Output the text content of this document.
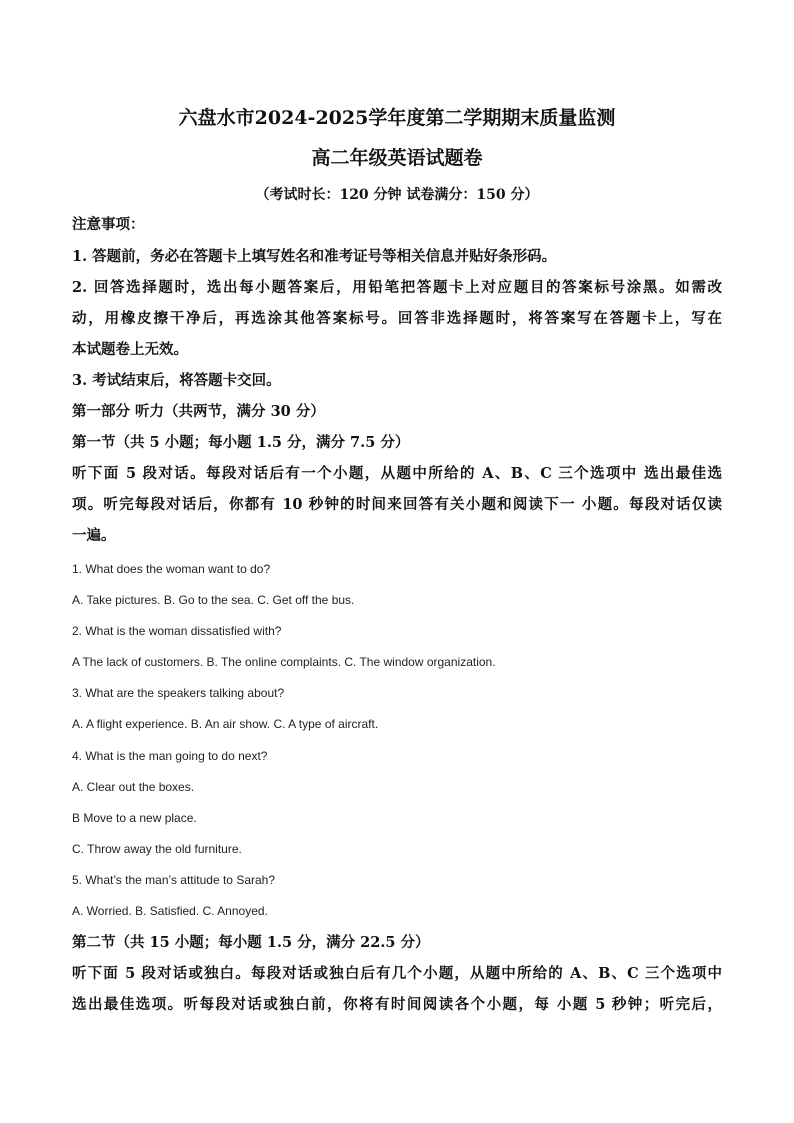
六盘水市2024-2025学年度第二学期期末质量监测
高二年级英语试题卷
（考试时长：120 分钟 试卷满分：150 分）
注意事项：
1. 答题前，务必在答题卡上填写姓名和准考证号等相关信息并贴好条形码。
2. 回答选择题时，选出每小题答案后，用铅笔把答题卡上对应题目的答案标号涂黑。如需改
动，用橡皮擦干净后，再选涂其他答案标号。回答非选择题时，将答案写在答题卡上，写在
本试题卷上无效。
3. 考试结束后，将答题卡交回。
第一部分 听力（共两节，满分 30 分）
第一节（共 5 小题；每小题 1.5 分，满分 7.5 分）
听下面 5 段对话。每段对话后有一个小题，从题中所给的 A、B、C 三个选项中 选出最佳选
项。听完每段对话后，你都有 10 秒钟的时间来回答有关小题和阅读下一 小题。每段对话仅读
一遍。
1. What does the woman want to do?
A. Take pictures. B. Go to the sea. C. Get off the bus.
2. What is the woman dissatisfied with?
A The lack of customers. B. The online complaints. C. The window organization.
3. What are the speakers talking about?
A. A flight experience. B. An air show. C. A type of aircraft.
4. What is the man going to do next?
A. Clear out the boxes.
B Move to a new place.
C. Throw away the old furniture.
5. What’s the man’s attitude to Sarah?
A. Worried. B. Satisfied. C. Annoyed.
第二节（共 15 小题；每小题 1.5 分，满分 22.5 分）
听下面 5 段对话或独白。每段对话或独白后有几个小题，从题中所给的 A、B、C 三个选项中
选出最佳选项。听每段对话或独白前，你将有时间阅读各个小题，每 小题 5 秒钟；听完后，
